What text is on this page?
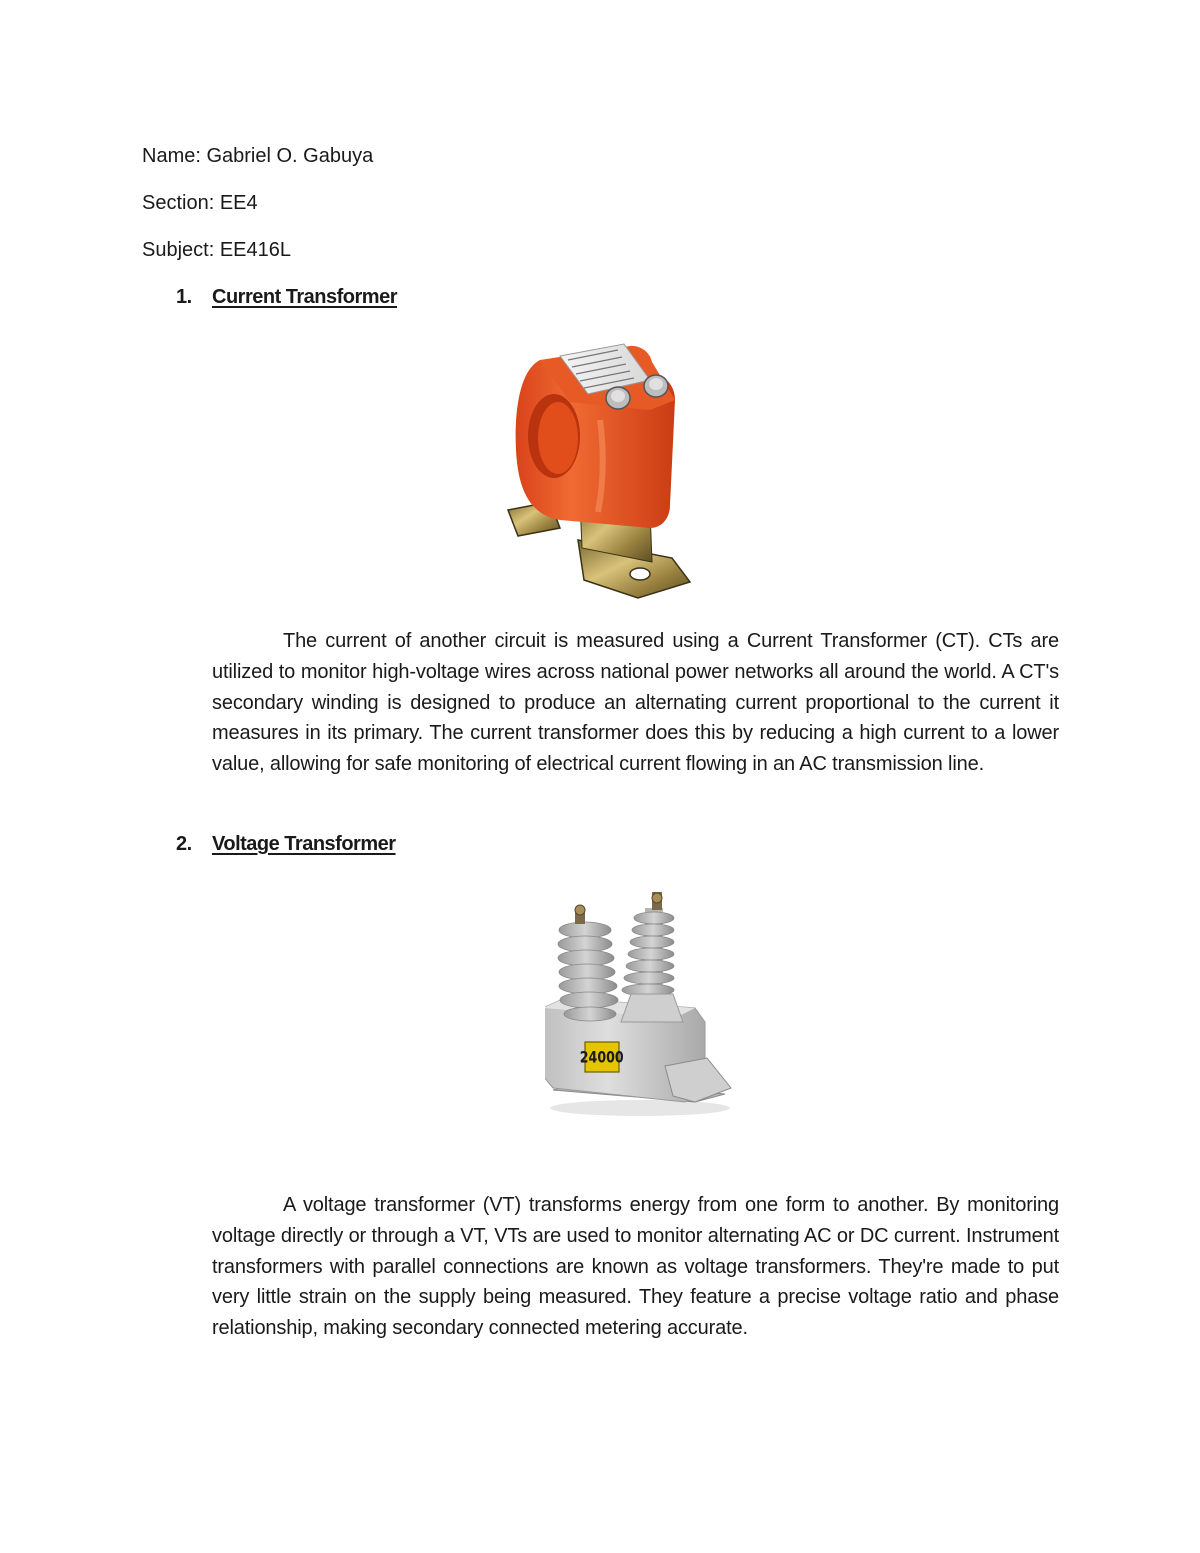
Name: Gabriel O. Gabuya
Section: EE4
Subject: EE416L
1. Current Transformer

The current of another circuit is measured using a Current Transformer (CT). CTs are utilized to monitor high-voltage wires across national power networks all around the world. A CT's secondary winding is designed to produce an alternating current proportional to the current it measures in its primary. The current transformer does this by reducing a high current to a lower value, allowing for safe monitoring of electrical current flowing in an AC transmission line.

2. Voltage Transformer
24000

A voltage transformer (VT) transforms energy from one form to another. By monitoring voltage directly or through a VT, VTs are used to monitor alternating AC or DC current. Instrument transformers with parallel connections are known as voltage transformers. They're made to put very little strain on the supply being measured. They feature a precise voltage ratio and phase relationship, making secondary connected metering accurate.
